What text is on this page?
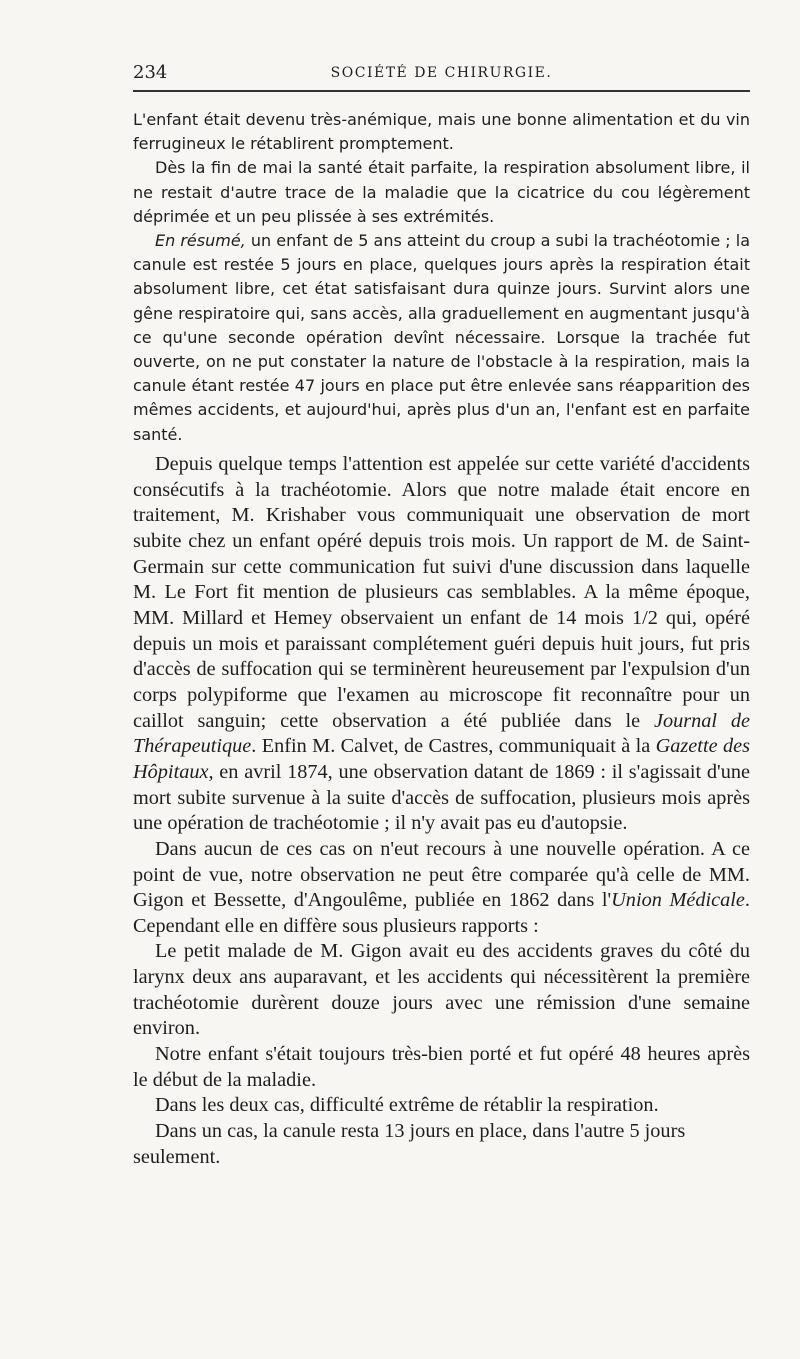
234	SOCIÉTÉ DE CHIRURGIE.

L'enfant était devenu très-anémique, mais une bonne alimentation et du vin ferrugineux le rétablirent promptement.

Dès la fin de mai la santé était parfaite, la respiration absolument libre, il ne restait d'autre trace de la maladie que la cicatrice du cou légèrement déprimée et un peu plissée à ses extrémités.

En résumé, un enfant de 5 ans atteint du croup a subi la trachéotomie ; la canule est restée 5 jours en place, quelques jours après la respiration était absolument libre, cet état satisfaisant dura quinze jours. Survint alors une gêne respiratoire qui, sans accès, alla graduellement en augmentant jusqu'à ce qu'une seconde opération devînt nécessaire. Lorsque la trachée fut ouverte, on ne put constater la nature de l'obstacle à la respiration, mais la canule étant restée 47 jours en place put être enlevée sans réapparition des mêmes accidents, et aujourd'hui, après plus d'un an, l'enfant est en parfaite santé.

Depuis quelque temps l'attention est appelée sur cette variété d'accidents consécutifs à la trachéotomie. Alors que notre malade était encore en traitement, M. Krishaber vous communiquait une observation de mort subite chez un enfant opéré depuis trois mois. Un rapport de M. de Saint-Germain sur cette communication fut suivi d'une discussion dans laquelle M. Le Fort fit mention de plusieurs cas semblables. A la même époque, MM. Millard et Hemey observaient un enfant de 14 mois 1/2 qui, opéré depuis un mois et paraissant complétement guéri depuis huit jours, fut pris d'accès de suffocation qui se terminèrent heureusement par l'expulsion d'un corps polypiforme que l'examen au microscope fit reconnaître pour un caillot sanguin; cette observation a été publiée dans le Journal de Thérapeutique. Enfin M. Calvet, de Castres, communiquait à la Gazette des Hôpitaux, en avril 1874, une observation datant de 1869 : il s'agissait d'une mort subite survenue à la suite d'accès de suffocation, plusieurs mois après une opération de trachéotomie ; il n'y avait pas eu d'autopsie.

Dans aucun de ces cas on n'eut recours à une nouvelle opération. A ce point de vue, notre observation ne peut être comparée qu'à celle de MM. Gigon et Bessette, d'Angoulême, publiée en 1862 dans l'Union Médicale. Cependant elle en diffère sous plusieurs rapports :

Le petit malade de M. Gigon avait eu des accidents graves du côté du larynx deux ans auparavant, et les accidents qui nécessitèrent la première trachéotomie durèrent douze jours avec une rémission d'une semaine environ.

Notre enfant s'était toujours très-bien porté et fut opéré 48 heures après le début de la maladie.

Dans les deux cas, difficulté extrême de rétablir la respiration.

Dans un cas, la canule resta 13 jours en place, dans l'autre 5 jours seulement.
